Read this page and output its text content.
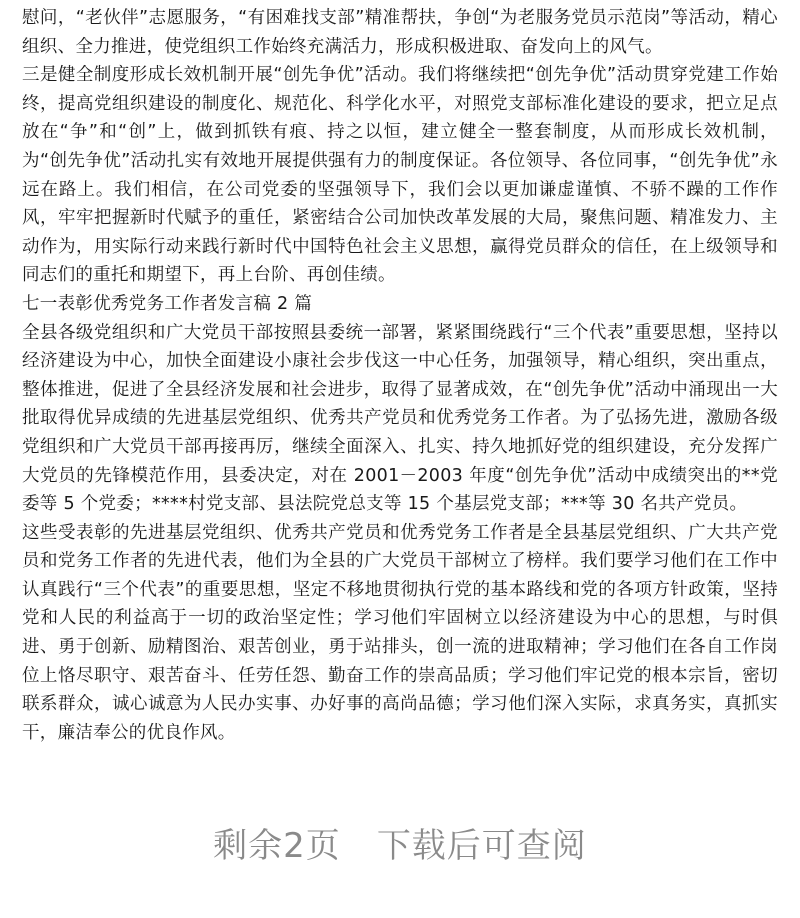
慰问，“老伙伴”志愿服务，“有困难找支部”精准帮扶，争创“为老服务党员示范岗”等活动，精心组织、全力推进，使党组织工作始终充满活力，形成积极进取、奋发向上的风气。

三是健全制度形成长效机制开展“创先争优”活动。我们将继续把“创先争优”活动贯穿党建工作始终，提高党组织建设的制度化、规范化、科学化水平，对照党支部标准化建设的要求，把立足点放在“争”和“创”上，做到抓铁有痕、持之以恒，建立健全一整套制度，从而形成长效机制，为“创先争优”活动扎实有效地开展提供强有力的制度保证。各位领导、各位同事，“创先争优”永远在路上。我们相信，在公司党委的坚强领导下，我们会以更加谦虚谨慎、不骄不躁的工作作风，牢牢把握新时代赋予的重任，紧密结合公司加快改革发展的大局，聚焦问题、精准发力、主动作为，用实际行动来践行新时代中国特色社会主义思想，赢得党员群众的信任，在上级领导和同志们的重托和期望下，再上台阶、再创佳绩。

七一表彰优秀党务工作者发言稿 2 篇

全县各级党组织和广大党员干部按照县委统一部署，紧紧围绕践行“三个代表”重要思想，坚持以经济建设为中心，加快全面建设小康社会步伐这一中心任务，加强领导，精心组织，突出重点，整体推进，促进了全县经济发展和社会进步，取得了显著成效，在“创先争优”活动中涌现出一大批取得优异成绩的先进基层党组织、优秀共产党员和优秀党务工作者。为了弘扬先进，激励各级党组织和广大党员干部再接再厉，继续全面深入、扎实、持久地抓好党的组织建设，充分发挥广大党员的先锋模范作用，县委决定，对在 2001－2003 年度“创先争优”活动中成绩突出的**党委等 5 个党委；****村党支部、县法院党总支等 15 个基层党支部；***等 30 名共产党员。

这些受表彰的先进基层党组织、优秀共产党员和优秀党务工作者是全县基层党组织、广大共产党员和党务工作者的先进代表，他们为全县的广大党员干部树立了榜样。我们要学习他们在工作中认真践行“三个代表”的重要思想，坚定不移地贯彻执行党的基本路线和党的各项方针政策，坚持党和人民的利益高于一切的政治坚定性；学习他们牢固树立以经济建设为中心的思想，与时俱进、勇于创新、励精图治、艰苦创业，勇于站排头，创一流的进取精神；学习他们在各自工作岗位上恪尽职守、艰苦奋斗、任劳任怨、勤奋工作的崇高品质；学习他们牢记党的根本宗旨，密切联系群众，诚心诚意为人民办实事、办好事的高尚品德；学习他们深入实际，求真务实，真抓实干，廉洁奉公的优良作风。

剩余2页 下载后可查阅
